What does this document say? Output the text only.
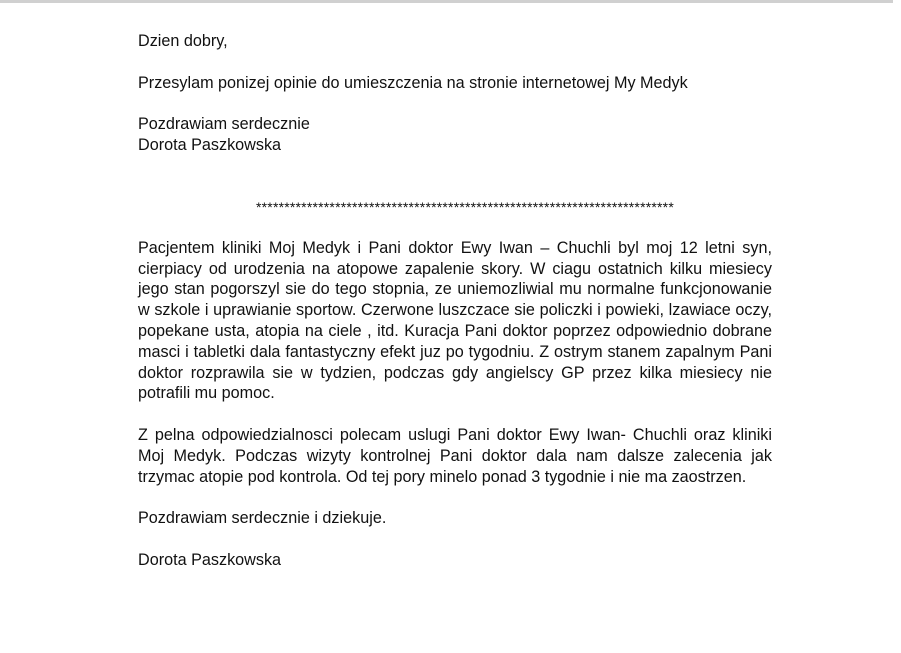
Dzien dobry,

Przesylam ponizej opinie do umieszczenia na stronie internetowej My Medyk

Pozdrawiam serdecznie

Dorota Paszkowska

**************************************************************************

Pacjentem kliniki Moj Medyk i Pani doktor Ewy Iwan – Chuchli byl moj 12 letni syn, cierpiacy od urodzenia na atopowe zapalenie skory. W ciagu ostatnich kilku miesiecy jego stan pogorszyl sie do tego stopnia, ze uniemozliwial mu normalne funkcjonowanie w szkole i uprawianie sportow. Czerwone luszczace sie policzki i powieki, lzawiace oczy, popekane usta, atopia na ciele , itd. Kuracja Pani doktor poprzez odpowiednio dobrane masci i tabletki dala fantastyczny efekt juz po tygodniu. Z ostrym stanem zapalnym Pani doktor rozprawila sie w tydzien, podczas gdy angielscy GP przez kilka miesiecy nie potrafili mu pomoc.

Z pelna odpowiedzialnosci polecam uslugi Pani doktor Ewy Iwan- Chuchli oraz kliniki Moj Medyk. Podczas wizyty kontrolnej Pani doktor dala nam dalsze zalecenia jak trzymac atopie pod kontrola. Od tej pory minelo ponad 3 tygodnie i nie ma zaostrzen.

Pozdrawiam serdecznie i dziekuje.

Dorota Paszkowska
